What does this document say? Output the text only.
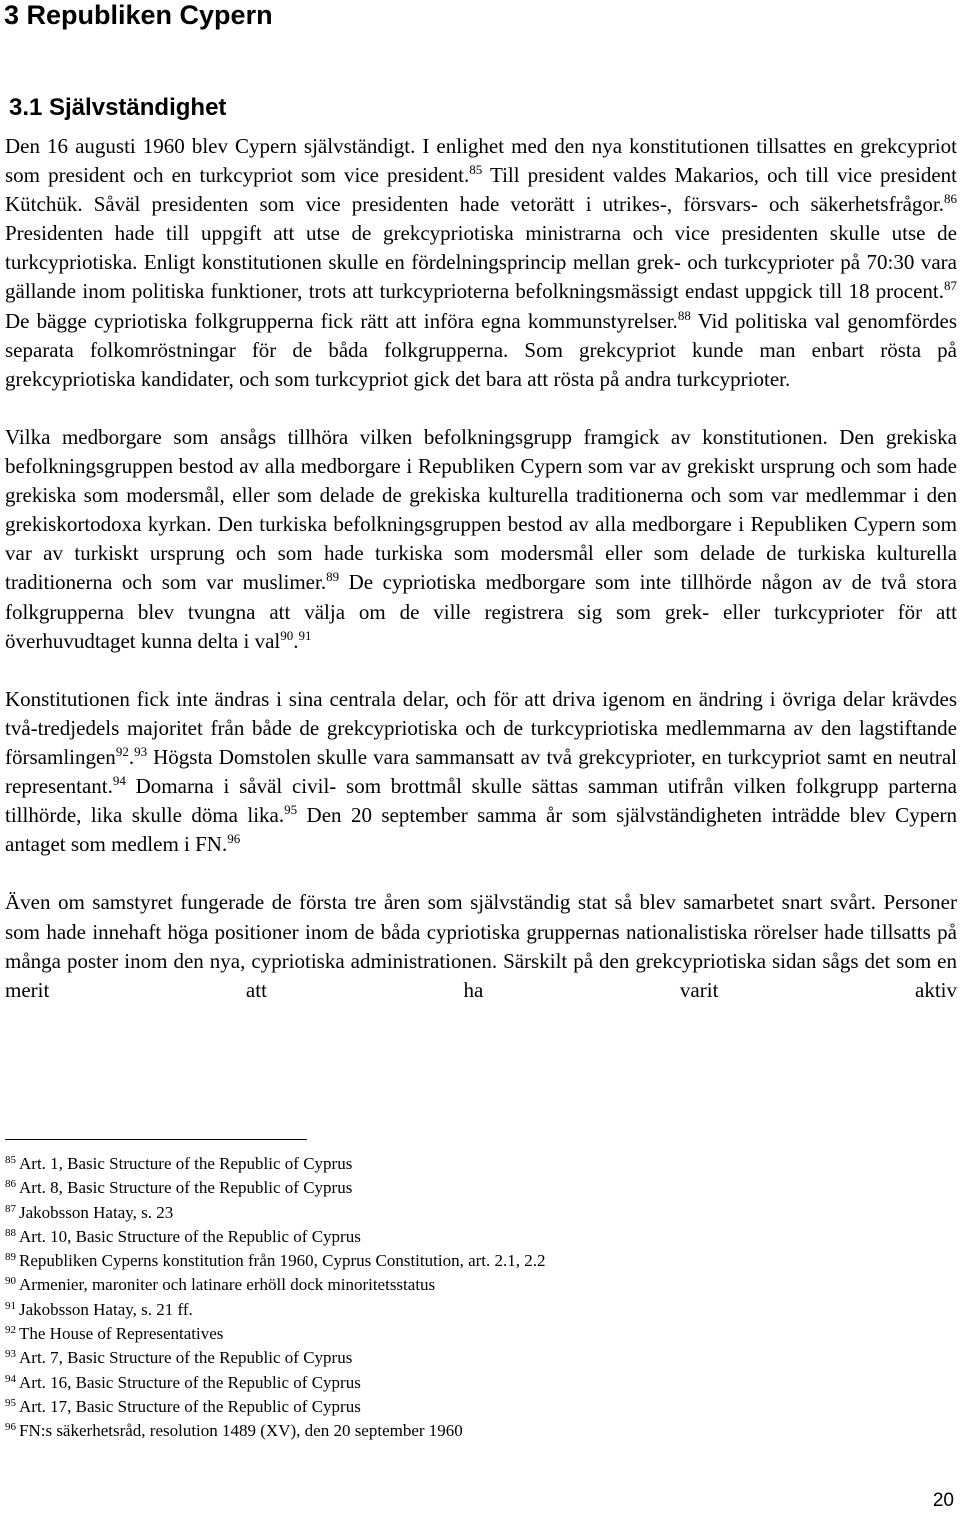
3 Republiken Cypern
3.1 Självständighet

Den 16 augusti 1960 blev Cypern självständigt. I enlighet med den nya konstitutionen tillsattes en grekcypriot som president och en turkcypriot som vice president.$^{85}$ Till president valdes Makarios, och till vice president Kütchük. Såväl presidenten som vice presidenten hade vetorätt i utrikes-, försvars- och säkerhetsfrågor.$^{86}$ Presidenten hade till uppgift att utse de grekcypriotiska ministrarna och vice presidenten skulle utse de turkcypriotiska. Enligt konstitutionen skulle en fördelningsprincip mellan grek- och turkcyprioter på 70:30 vara gällande inom politiska funktioner, trots att turkcyprioterna befolkningsmässigt endast uppgick till 18 procent.$^{87}$ De bägge cypriotiska folkgrupperna fick rätt att införa egna kommunstyrelser.$^{88}$ Vid politiska val genomfördes separata folkomröstningar för de båda folkgrupperna. Som grekcypriot kunde man enbart rösta på grekcypriotiska kandidater, och som turkcypriot gick det bara att rösta på andra turkcyprioter.

Vilka medborgare som ansågs tillhöra vilken befolkningsgrupp framgick av konstitutionen. Den grekiska befolkningsgruppen bestod av alla medborgare i Republiken Cypern som var av grekiskt ursprung och som hade grekiska som modersmål, eller som delade de grekiska kulturella traditionerna och som var medlemmar i den grekiskortodoxa kyrkan. Den turkiska befolkningsgruppen bestod av alla medborgare i Republiken Cypern som var av turkiskt ursprung och som hade turkiska som modersmål eller som delade de turkiska kulturella traditionerna och som var muslimer.$^{89}$ De cypriotiska medborgare som inte tillhörde någon av de två stora folkgrupperna blev tvungna att välja om de ville registrera sig som grek- eller turkcyprioter för att överhuvudtaget kunna delta i val$^{90}$.$^{91}$

Konstitutionen fick inte ändras i sina centrala delar, och för att driva igenom en ändring i övriga delar krävdes två-tredjedels majoritet från både de grekcypriotiska och de turkcypriotiska medlemmarna av den lagstiftande församlingen$^{92}$.$^{93}$ Högsta Domstolen skulle vara sammansatt av två grekcyprioter, en turkcypriot samt en neutral representant.$^{94}$ Domarna i såväl civil- som brottmål skulle sättas samman utifrån vilken folkgrupp parterna tillhörde, lika skulle döma lika.$^{95}$ Den 20 september samma år som självständigheten inträdde blev Cypern antaget som medlem i FN.$^{96}$

Även om samstyret fungerade de första tre åren som självständig stat så blev samarbetet snart svårt. Personer som hade innehaft höga positioner inom de båda cypriotiska gruppernas nationalistiska rörelser hade tillsatts på många poster inom den nya, cypriotiska administrationen. Särskilt på den grekcypriotiska sidan sågs det som en merit att ha varit aktiv

$^{85}$ Art. 1, Basic Structure of the Republic of Cyprus
$^{86}$ Art. 8, Basic Structure of the Republic of Cyprus
$^{87}$ Jakobsson Hatay, s. 23
$^{88}$ Art. 10, Basic Structure of the Republic of Cyprus
$^{89}$ Republiken Cyperns konstitution från 1960, Cyprus Constitution, art. 2.1, 2.2
$^{90}$ Armenier, maroniter och latinare erhöll dock minoritetsstatus
$^{91}$ Jakobsson Hatay, s. 21 ff.
$^{92}$ The House of Representatives
$^{93}$ Art. 7, Basic Structure of the Republic of Cyprus
$^{94}$ Art. 16, Basic Structure of the Republic of Cyprus
$^{95}$ Art. 17, Basic Structure of the Republic of Cyprus
$^{96}$ FN:s säkerhetsråd, resolution 1489 (XV), den 20 september 1960
20
